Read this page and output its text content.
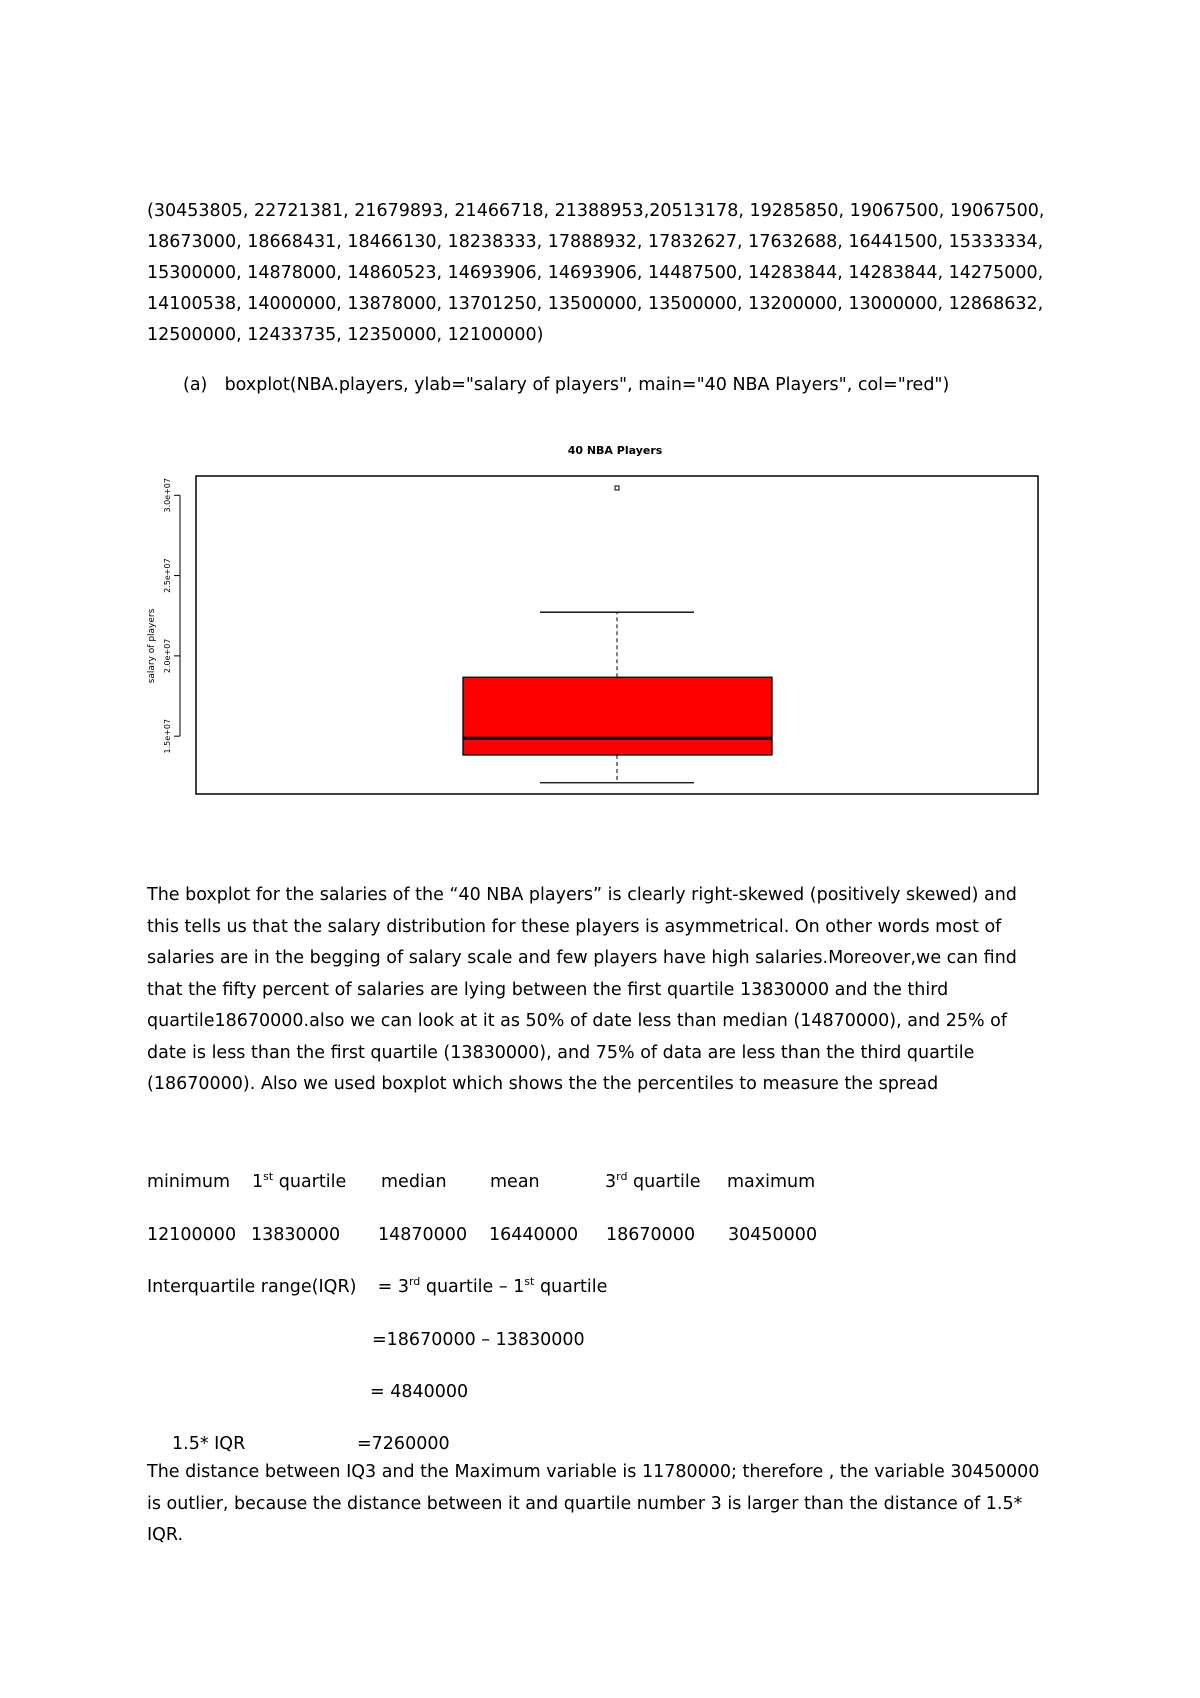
(30453805, 22721381, 21679893, 21466718, 21388953,20513178, 19285850, 19067500, 19067500,
18673000, 18668431, 18466130, 18238333, 17888932, 17832627, 17632688, 16441500, 15333334,
15300000, 14878000, 14860523, 14693906, 14693906, 14487500, 14283844, 14283844, 14275000,
14100538, 14000000, 13878000, 13701250, 13500000, 13500000, 13200000, 13000000, 12868632,
12500000, 12433735, 12350000, 12100000)
(a) boxplot(NBA.players, ylab="salary of players", main="40 NBA Players", col="red")
40 NBA Players
salary of players
1.5e+07
2.0e+07
2.5e+07
3.0e+07
The boxplot for the salaries of the “40 NBA players” is clearly right-skewed (positively skewed) and
this tells us that the salary distribution for these players is asymmetrical. On other words most of
salaries are in the begging of salary scale and few players have high salaries.Moreover,we can find
that the fifty percent of salaries are lying between the first quartile 13830000 and the third
quartile18670000.also we can look at it as 50% of date less than median (14870000), and 25% of
date is less than the first quartile (13830000), and 75% of data are less than the third quartile
(18670000). Also we used boxplot which shows the the percentiles to measure the spread
minimum 1st quartile median mean	3rd quartile maximum
12100000 13830000 14870000 16440000 18670000 30450000
Interquartile range(IQR) = 3rd quartile – 1st quartile
=18670000 – 13830000
= 4840000
1.5* IQR	=7260000
The distance between IQ3 and the Maximum variable is 11780000; therefore , the variable 30450000
is outlier, because the distance between it and quartile number 3 is larger than the distance of 1.5*
IQR.
